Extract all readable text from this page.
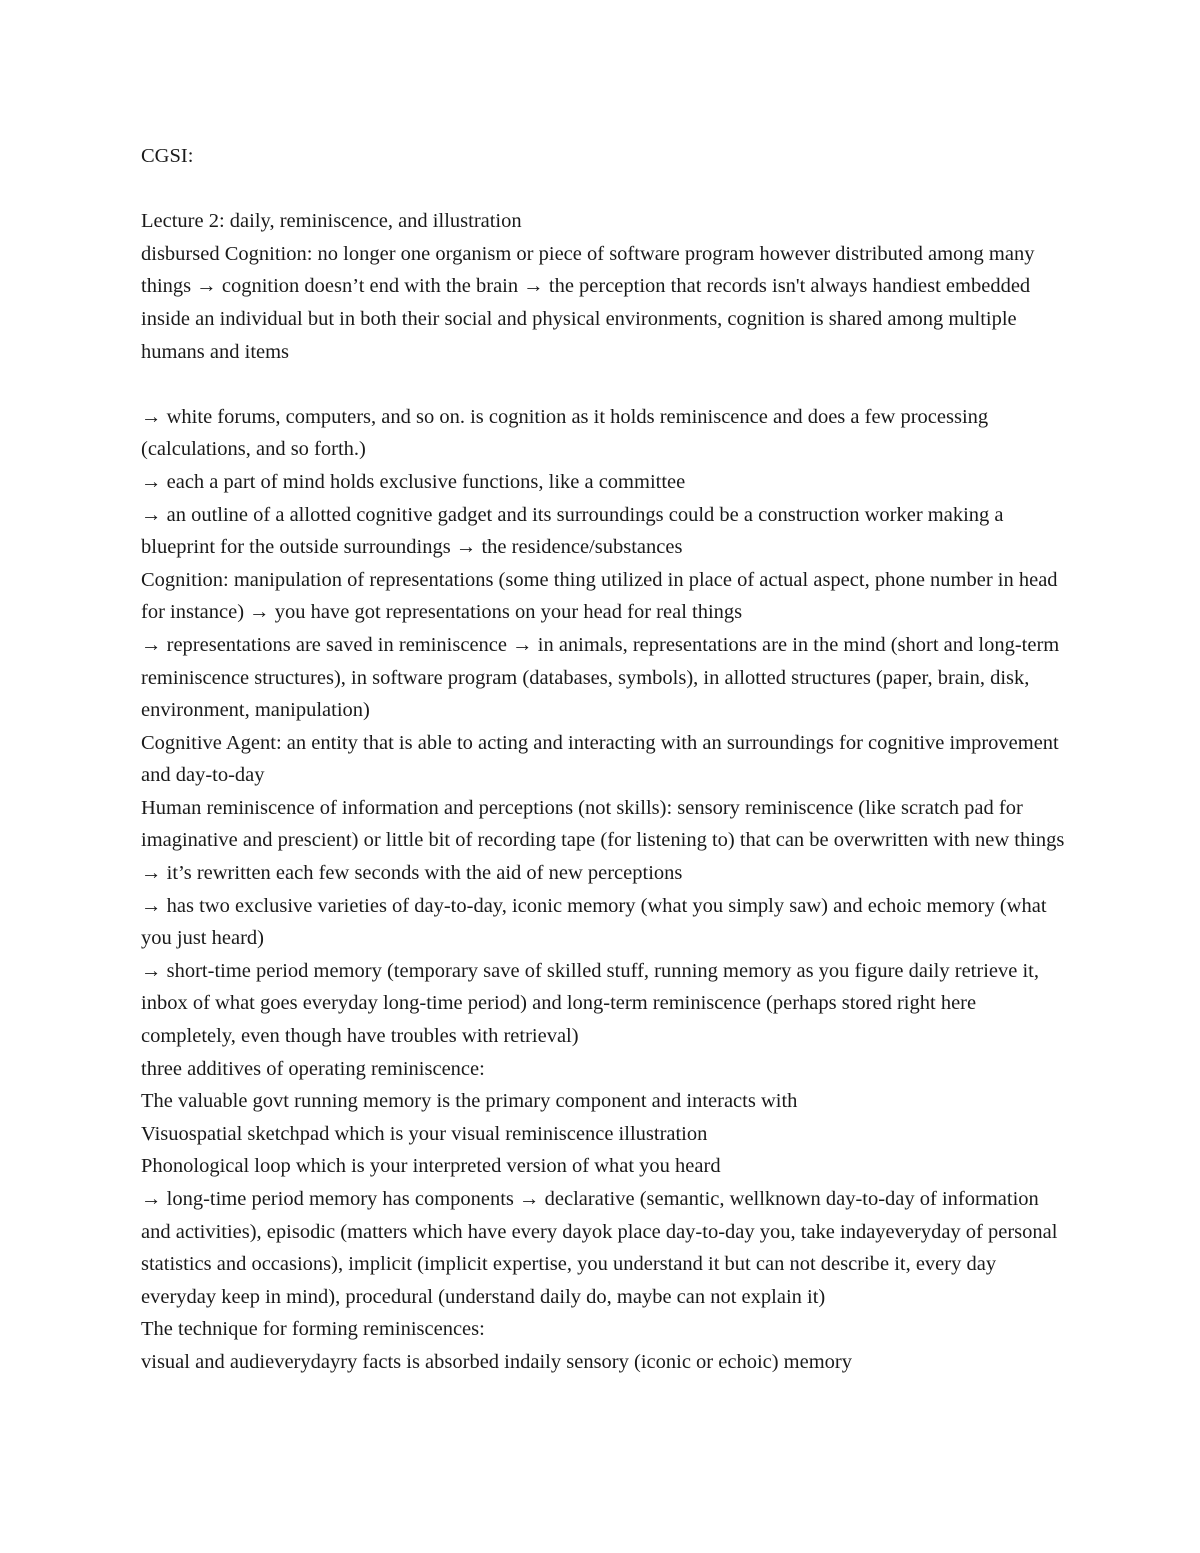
CGSI:

Lecture 2: daily, reminiscence, and illustration

disbursed Cognition: no longer one organism or piece of software program however distributed among many things → cognition doesn’t end with the brain → the perception that records isn't always handiest embedded inside an individual but in both their social and physical environments, cognition is shared among multiple humans and items

→ white forums, computers, and so on. is cognition as it holds reminiscence and does a few processing (calculations, and so forth.)

→ each a part of mind holds exclusive functions, like a committee

→ an outline of a allotted cognitive gadget and its surroundings could be a construction worker making a blueprint for the outside surroundings → the residence/substances

Cognition: manipulation of representations (some thing utilized in place of actual aspect, phone number in head for instance) → you have got representations on your head for real things

→ representations are saved in reminiscence → in animals, representations are in the mind (short and long-term reminiscence structures), in software program (databases, symbols), in allotted structures (paper, brain, disk, environment, manipulation)

Cognitive Agent: an entity that is able to acting and interacting with an surroundings for cognitive improvement and day-to-day

Human reminiscence of information and perceptions (not skills): sensory reminiscence (like scratch pad for imaginative and prescient) or little bit of recording tape (for listening to) that can be overwritten with new things → it’s rewritten each few seconds with the aid of new perceptions

→ has two exclusive varieties of day-to-day, iconic memory (what you simply saw) and echoic memory (what you just heard)

→ short-time period memory (temporary save of skilled stuff, running memory as you figure daily retrieve it, inbox of what goes everyday long-time period) and long-term reminiscence (perhaps stored right here completely, even though have troubles with retrieval)

three additives of operating reminiscence:

The valuable govt running memory is the primary component and interacts with

Visuospatial sketchpad which is your visual reminiscence illustration

Phonological loop which is your interpreted version of what you heard

→ long-time period memory has components → declarative (semantic, wellknown day-to-day of information and activities), episodic (matters which have every dayok place day-to-day you, take indayeveryday of personal statistics and occasions), implicit (implicit expertise, you understand it but can not describe it, every day everyday keep in mind), procedural (understand daily do, maybe can not explain it)

The technique for forming reminiscences:

visual and audieverydayry facts is absorbed indaily sensory (iconic or echoic) memory
